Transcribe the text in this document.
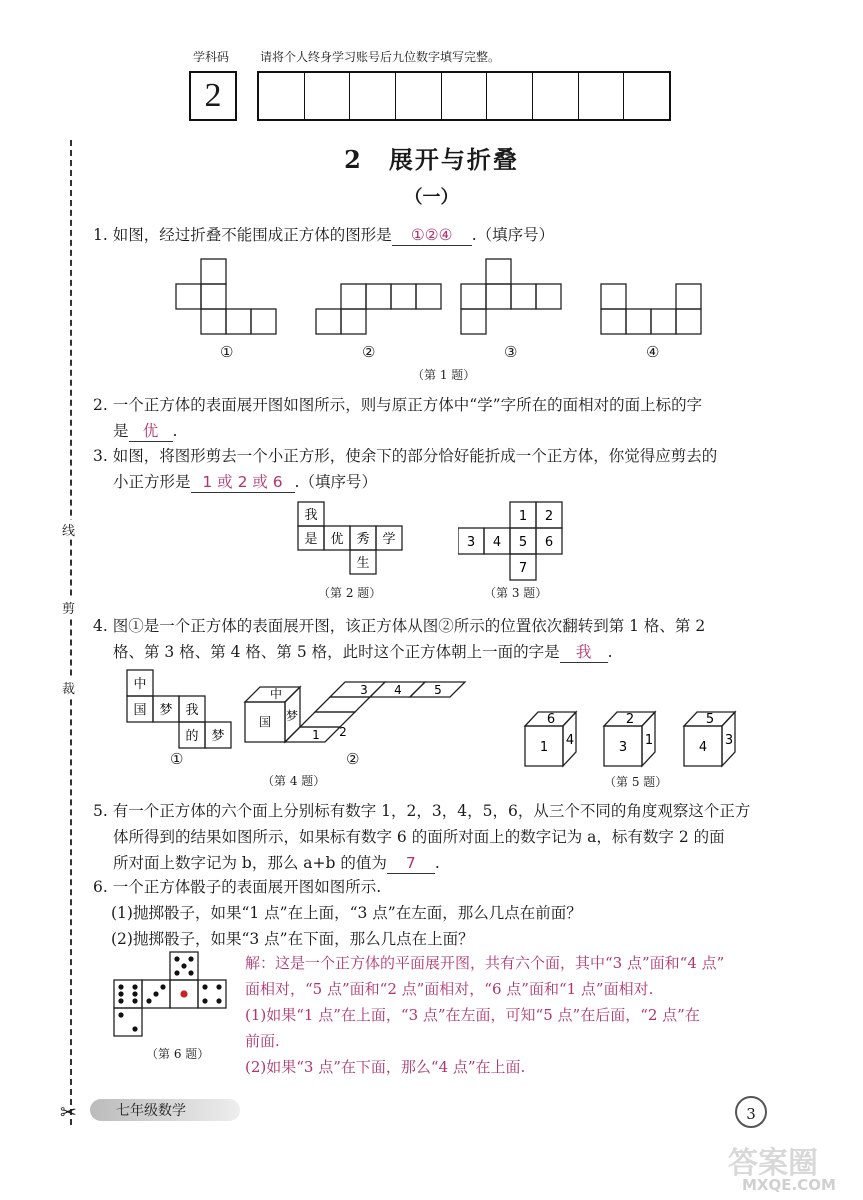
学科码	请将个人终身学习账号后九位数字填写完整。
2
线
剪
裁
✂
2　展开与折叠
（一）
1. 如图，经过折叠不能围成正方体的图形是 ①②④ .（填序号）
①	②	③	④
（第 1 题）
2. 一个正方体的表面展开图如图所示，则与原正方体中“学”字所在的面相对的面上标的字
是 优 .
3. 如图，将图形剪去一个小正方形，使余下的部分恰好能折成一个正方体，你觉得应剪去的
小正方形是 1 或 2 或 6 .（填序号）
我
是 优 秀 学
生
（第 2 题）
1 2
3 4 5 6
7
（第 3 题）
4. 图①是一个正方体的表面展开图，该正方体从图②所示的位置依次翻转到第 1 格、第 2
格、第 3 格、第 4 格、第 5 格，此时这个正方体朝上一面的字是 我 .
中
国 梦 我
的 梦
①
中
国 梦
1 2
3 4	5
②
（第 4 题）
6
1 4
2
3 1
5
4 3
（第 5 题）
5. 有一个正方体的六个面上分别标有数字 1，2，3，4，5，6，从三个不同的角度观察这个正方
体所得到的结果如图所示，如果标有数字 6 的面所对面上的数字记为 a，标有数字 2 的面
所对面上数字记为 b，那么 a+b 的值为 7 .
6. 一个正方体骰子的表面展开图如图所示.
(1)抛掷骰子，如果“1 点”在上面，“3 点”在左面，那么几点在前面？
(2)抛掷骰子，如果“3 点”在下面，那么几点在上面？
（第 6 题）
解：这是一个正方体的平面展开图，共有六个面，其中“3 点”面和“4 点”
面相对，“5 点”面和“2 点”面相对，“6 点”面和“1 点”面相对.
(1)如果“1 点”在上面，“3 点”在左面，可知“5 点”在后面，“2 点”在
前面.
(2)如果“3 点”在下面，那么“4 点”在上面.
七年级数学	3
答案圈
MXQE.COM
